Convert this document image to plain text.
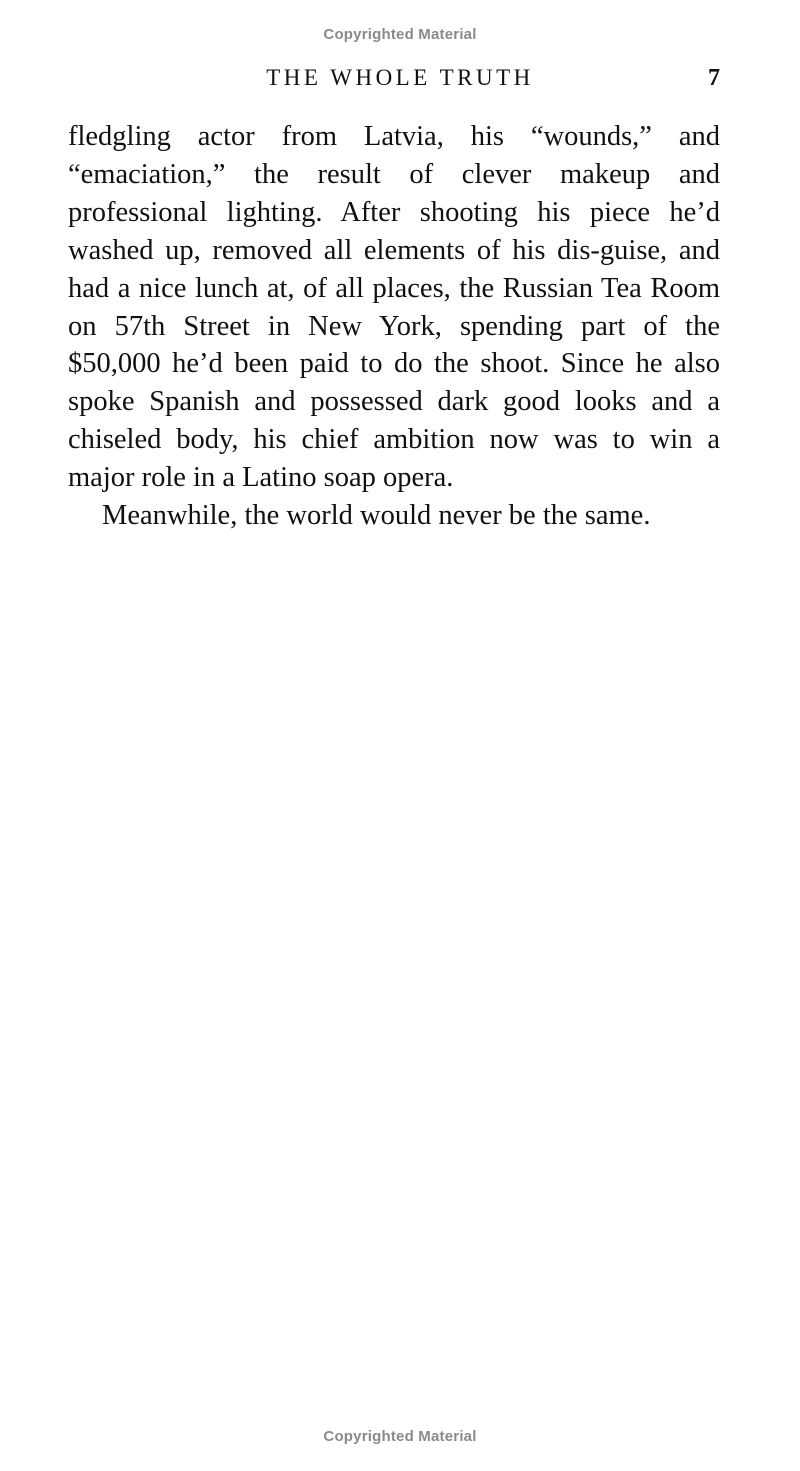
Copyrighted Material
THE WHOLE TRUTH	7

fledgling actor from Latvia, his “wounds,” and “emaciation,” the result of clever makeup and professional lighting. After shooting his piece he’d washed up, removed all elements of his dis-guise, and had a nice lunch at, of all places, the Russian Tea Room on 57th Street in New York, spending part of the $50,000 he’d been paid to do the shoot. Since he also spoke Spanish and possessed dark good looks and a chiseled body, his chief ambition now was to win a major role in a Latino soap opera.

Meanwhile, the world would never be the same.

Copyrighted Material
